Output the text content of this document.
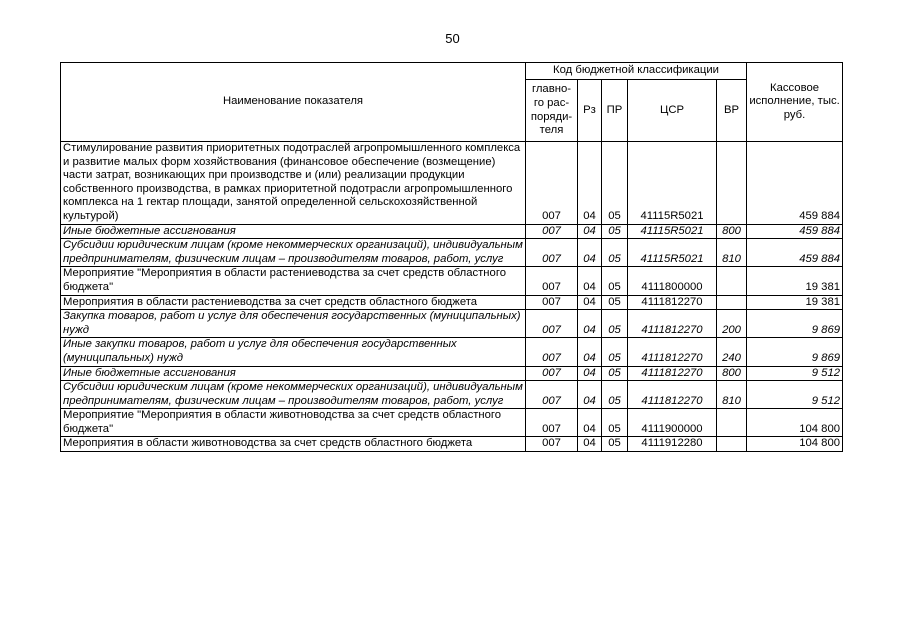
50
Наименование показателя	Код бюджетной классификации					Кассовое исполнение, тыс. руб.
	главно-го рас-поряди-теля	Рз	ПР	ЦСР	ВР	
Стимулирование развития приоритетных подотраслей агропромышленного комплекса и развитие малых форм хозяйствования (финансовое обеспечение (возмещение) части затрат, возникающих при производстве и (или) реализации продукции собственного производства, в рамках приоритетной подотрасли агропромышленного комплекса на 1 гектар площади, занятой определенной сельскохозяйственной культурой)	007	04	05	41115R5021		459 884
Иные бюджетные ассигнования	007	04	05	41115R5021	800	459 884
Субсидии юридическим лицам (кроме некоммерческих организаций), индивидуальным предпринимателям, физическим лицам – производителям товаров, работ, услуг	007	04	05	41115R5021	810	459 884
Мероприятие "Мероприятия в области растениеводства за счет средств областного бюджета"	007	04	05	4111800000		19 381
Мероприятия в области растениеводства за счет средств областного бюджета	007	04	05	4111812270		19 381
Закупка товаров, работ и услуг для обеспечения государственных (муниципальных) нужд	007	04	05	4111812270	200	9 869
Иные закупки товаров, работ и услуг для обеспечения государственных (муниципальных) нужд	007	04	05	4111812270	240	9 869
Иные бюджетные ассигнования	007	04	05	4111812270	800	9 512
Субсидии юридическим лицам (кроме некоммерческих организаций), индивидуальным предпринимателям, физическим лицам – производителям товаров, работ, услуг	007	04	05	4111812270	810	9 512
Мероприятие "Мероприятия в области животноводства за счет средств областного бюджета"	007	04	05	4111900000		104 800
Мероприятия в области животноводства за счет средств областного бюджета	007	04	05	4111912280		104 800
